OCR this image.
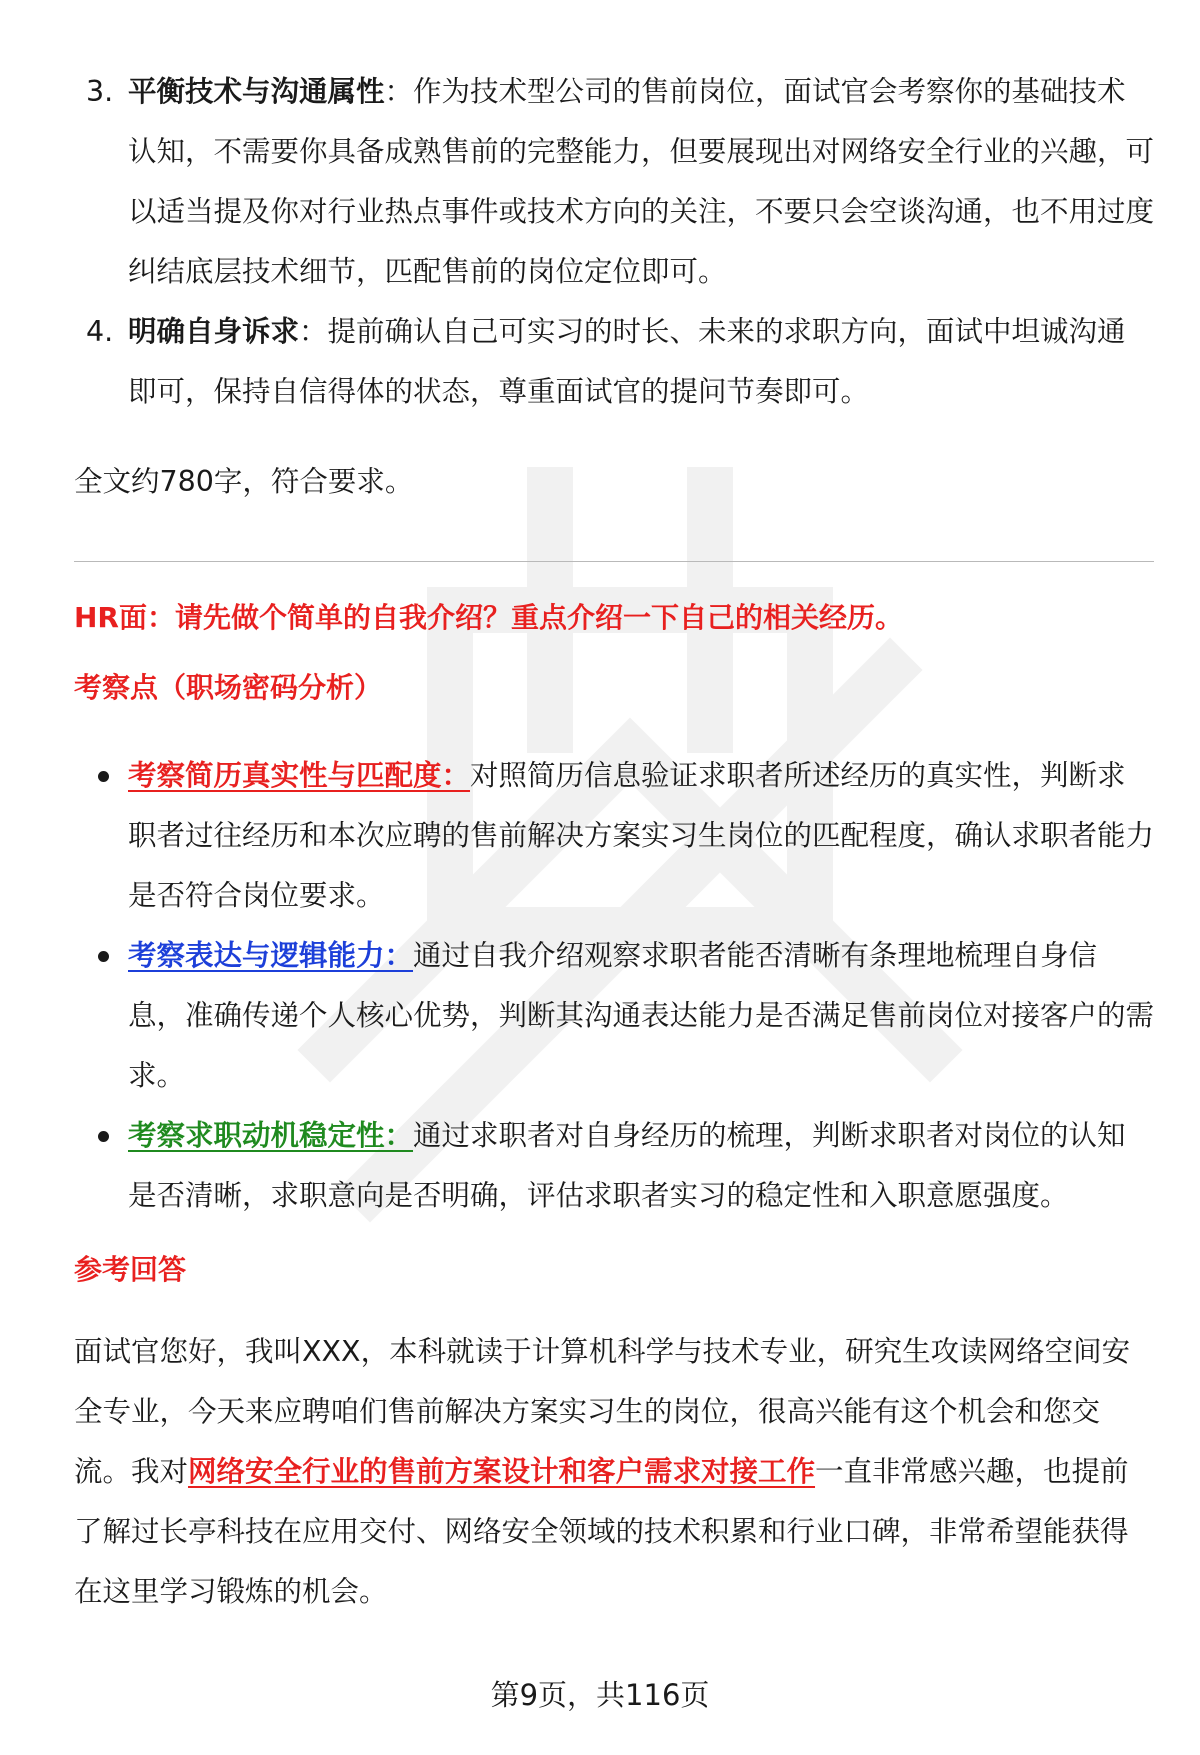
3. 平衡技术与沟通属性：作为技术型公司的售前岗位，面试官会考察你的基础技术认知，不需要你具备成熟售前的完整能力，但要展现出对网络安全行业的兴趣，可以适当提及你对行业热点事件或技术方向的关注，不要只会空谈沟通，也不用过度纠结底层技术细节，匹配售前的岗位定位即可。

4. 明确自身诉求：提前确认自己可实习的时长、未来的求职方向，面试中坦诚沟通即可，保持自信得体的状态，尊重面试官的提问节奏即可。

全文约780字，符合要求。

HR面：请先做个简单的自我介绍？重点介绍一下自己的相关经历。

考察点（职场密码分析）

考察简历真实性与匹配度：对照简历信息验证求职者所述经历的真实性，判断求职者过往经历和本次应聘的售前解决方案实习生岗位的匹配程度，确认求职者能力是否符合岗位要求。

考察表达与逻辑能力：通过自我介绍观察求职者能否清晰有条理地梳理自身信息，准确传递个人核心优势，判断其沟通表达能力是否满足售前岗位对接客户的需求。

考察求职动机稳定性：通过求职者对自身经历的梳理，判断求职者对岗位的认知是否清晰，求职意向是否明确，评估求职者实习的稳定性和入职意愿强度。

参考回答

面试官您好，我叫XXX，本科就读于计算机科学与技术专业，研究生攻读网络空间安全专业，今天来应聘咱们售前解决方案实习生的岗位，很高兴能有这个机会和您交流。我对网络安全行业的售前方案设计和客户需求对接工作一直非常感兴趣，也提前了解过长亭科技在应用交付、网络安全领域的技术积累和行业口碑，非常希望能获得在这里学习锻炼的机会。

第9页，共116页
